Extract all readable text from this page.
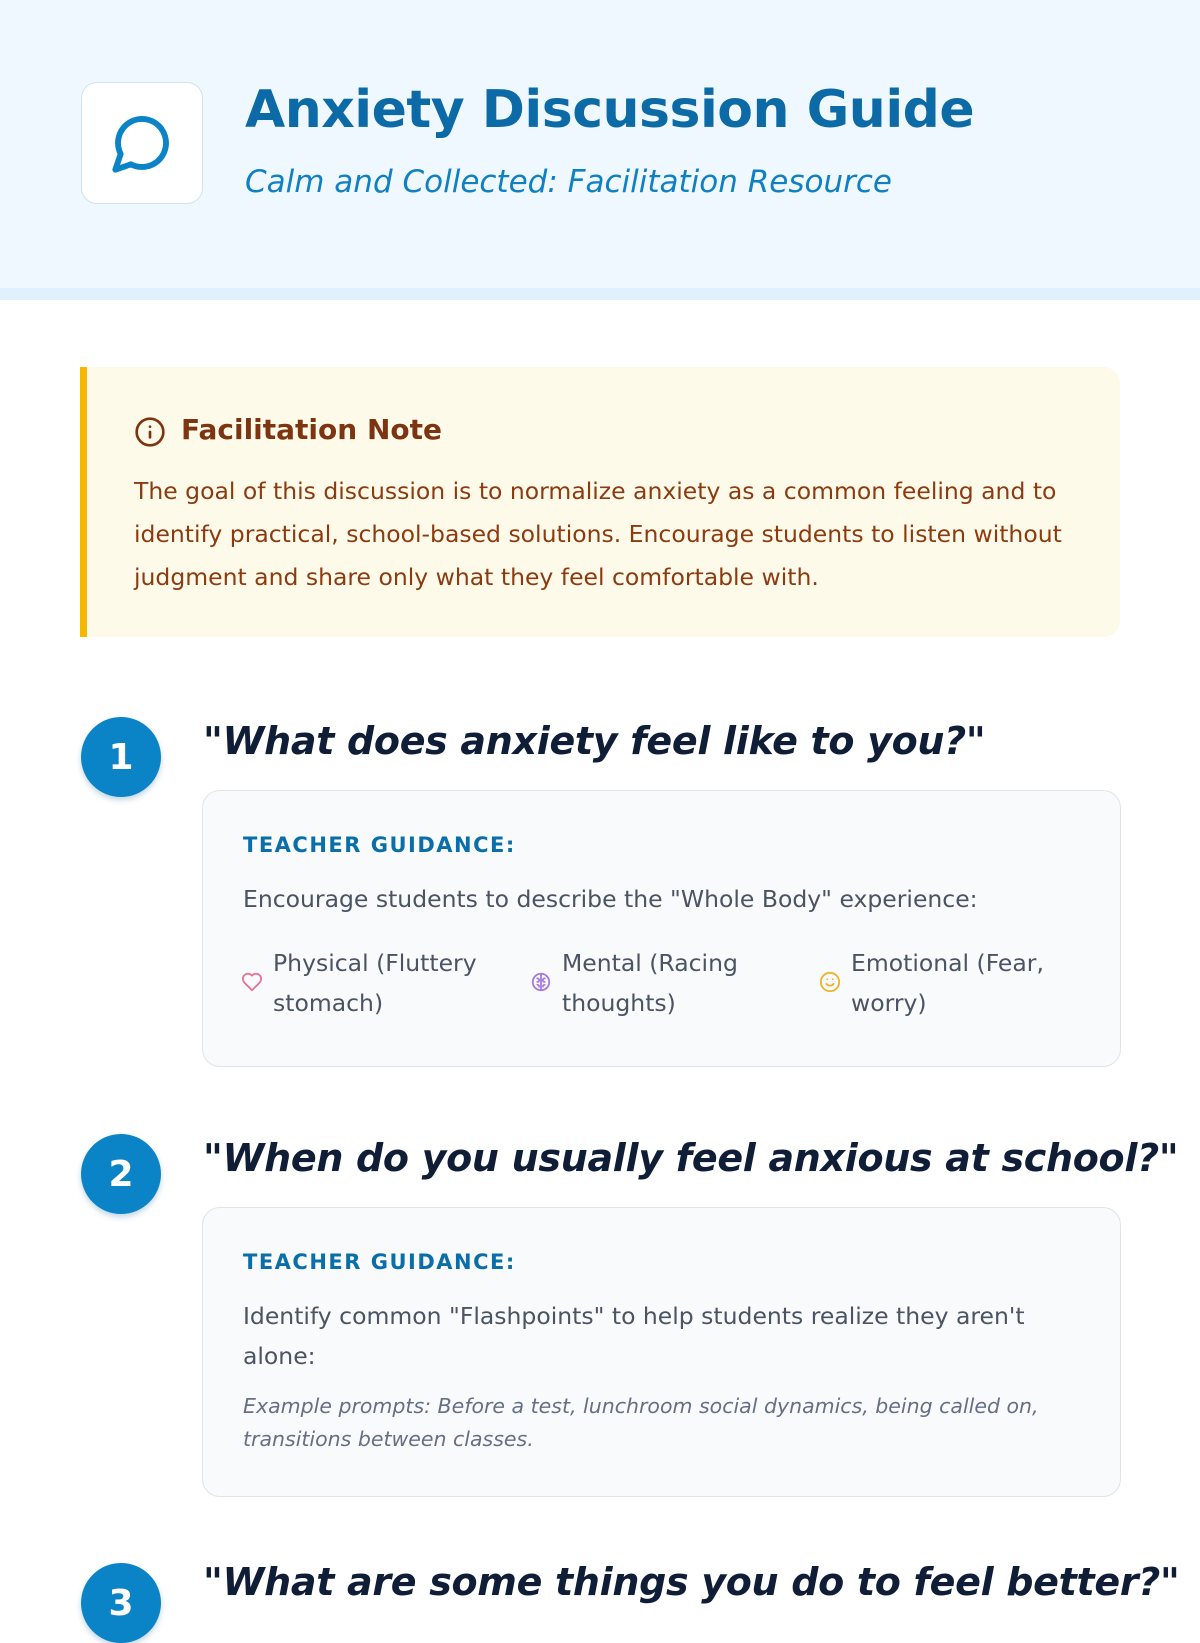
Anxiety Discussion Guide
Calm and Collected: Facilitation Resource
Facilitation Note
The goal of this discussion is to normalize anxiety as a common feeling and to identify practical, school-based solutions. Encourage students to listen without judgment and share only what they feel comfortable with.
1	"What does anxiety feel like to you?"
TEACHER GUIDANCE:
Encourage students to describe the "Whole Body" experience:
Physical (Fluttery stomach)
Mental (Racing thoughts)
Emotional (Fear, worry)
2	"When do you usually feel anxious at school?"
TEACHER GUIDANCE:
Identify common "Flashpoints" to help students realize they aren't alone:
Example prompts: Before a test, lunchroom social dynamics, being called on, transitions between classes.
3	"What are some things you do to feel better?"
